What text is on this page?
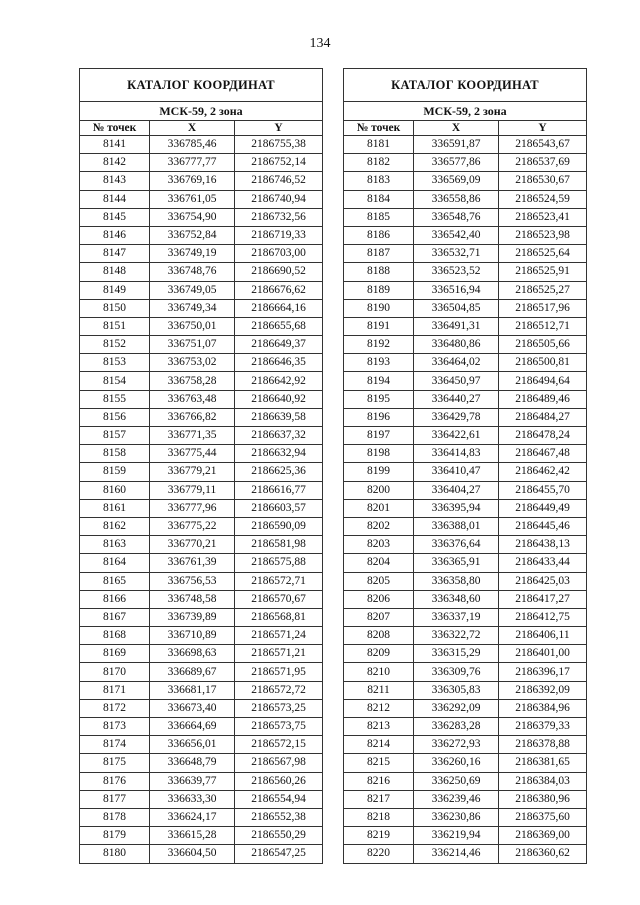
134
КАТАЛОГ КООРДИНАТ		
МСК-59, 2 зона		
№ точек	X	Y
8141	336785,46	2186755,38
8142	336777,77	2186752,14
8143	336769,16	2186746,52
8144	336761,05	2186740,94
8145	336754,90	2186732,56
8146	336752,84	2186719,33
8147	336749,19	2186703,00
8148	336748,76	2186690,52
8149	336749,05	2186676,62
8150	336749,34	2186664,16
8151	336750,01	2186655,68
8152	336751,07	2186649,37
8153	336753,02	2186646,35
8154	336758,28	2186642,92
8155	336763,48	2186640,92
8156	336766,82	2186639,58
8157	336771,35	2186637,32
8158	336775,44	2186632,94
8159	336779,21	2186625,36
8160	336779,11	2186616,77
8161	336777,96	2186603,57
8162	336775,22	2186590,09
8163	336770,21	2186581,98
8164	336761,39	2186575,88
8165	336756,53	2186572,71
8166	336748,58	2186570,67
8167	336739,89	2186568,81
8168	336710,89	2186571,24
8169	336698,63	2186571,21
8170	336689,67	2186571,95
8171	336681,17	2186572,72
8172	336673,40	2186573,25
8173	336664,69	2186573,75
8174	336656,01	2186572,15
8175	336648,79	2186567,98
8176	336639,77	2186560,26
8177	336633,30	2186554,94
8178	336624,17	2186552,38
8179	336615,28	2186550,29
8180	336604,50	2186547,25
КАТАЛОГ КООРДИНАТ		
МСК-59, 2 зона		
№ точек	X	Y
8181	336591,87	2186543,67
8182	336577,86	2186537,69
8183	336569,09	2186530,67
8184	336558,86	2186524,59
8185	336548,76	2186523,41
8186	336542,40	2186523,98
8187	336532,71	2186525,64
8188	336523,52	2186525,91
8189	336516,94	2186525,27
8190	336504,85	2186517,96
8191	336491,31	2186512,71
8192	336480,86	2186505,66
8193	336464,02	2186500,81
8194	336450,97	2186494,64
8195	336440,27	2186489,46
8196	336429,78	2186484,27
8197	336422,61	2186478,24
8198	336414,83	2186467,48
8199	336410,47	2186462,42
8200	336404,27	2186455,70
8201	336395,94	2186449,49
8202	336388,01	2186445,46
8203	336376,64	2186438,13
8204	336365,91	2186433,44
8205	336358,80	2186425,03
8206	336348,60	2186417,27
8207	336337,19	2186412,75
8208	336322,72	2186406,11
8209	336315,29	2186401,00
8210	336309,76	2186396,17
8211	336305,83	2186392,09
8212	336292,09	2186384,96
8213	336283,28	2186379,33
8214	336272,93	2186378,88
8215	336260,16	2186381,65
8216	336250,69	2186384,03
8217	336239,46	2186380,96
8218	336230,86	2186375,60
8219	336219,94	2186369,00
8220	336214,46	2186360,62
